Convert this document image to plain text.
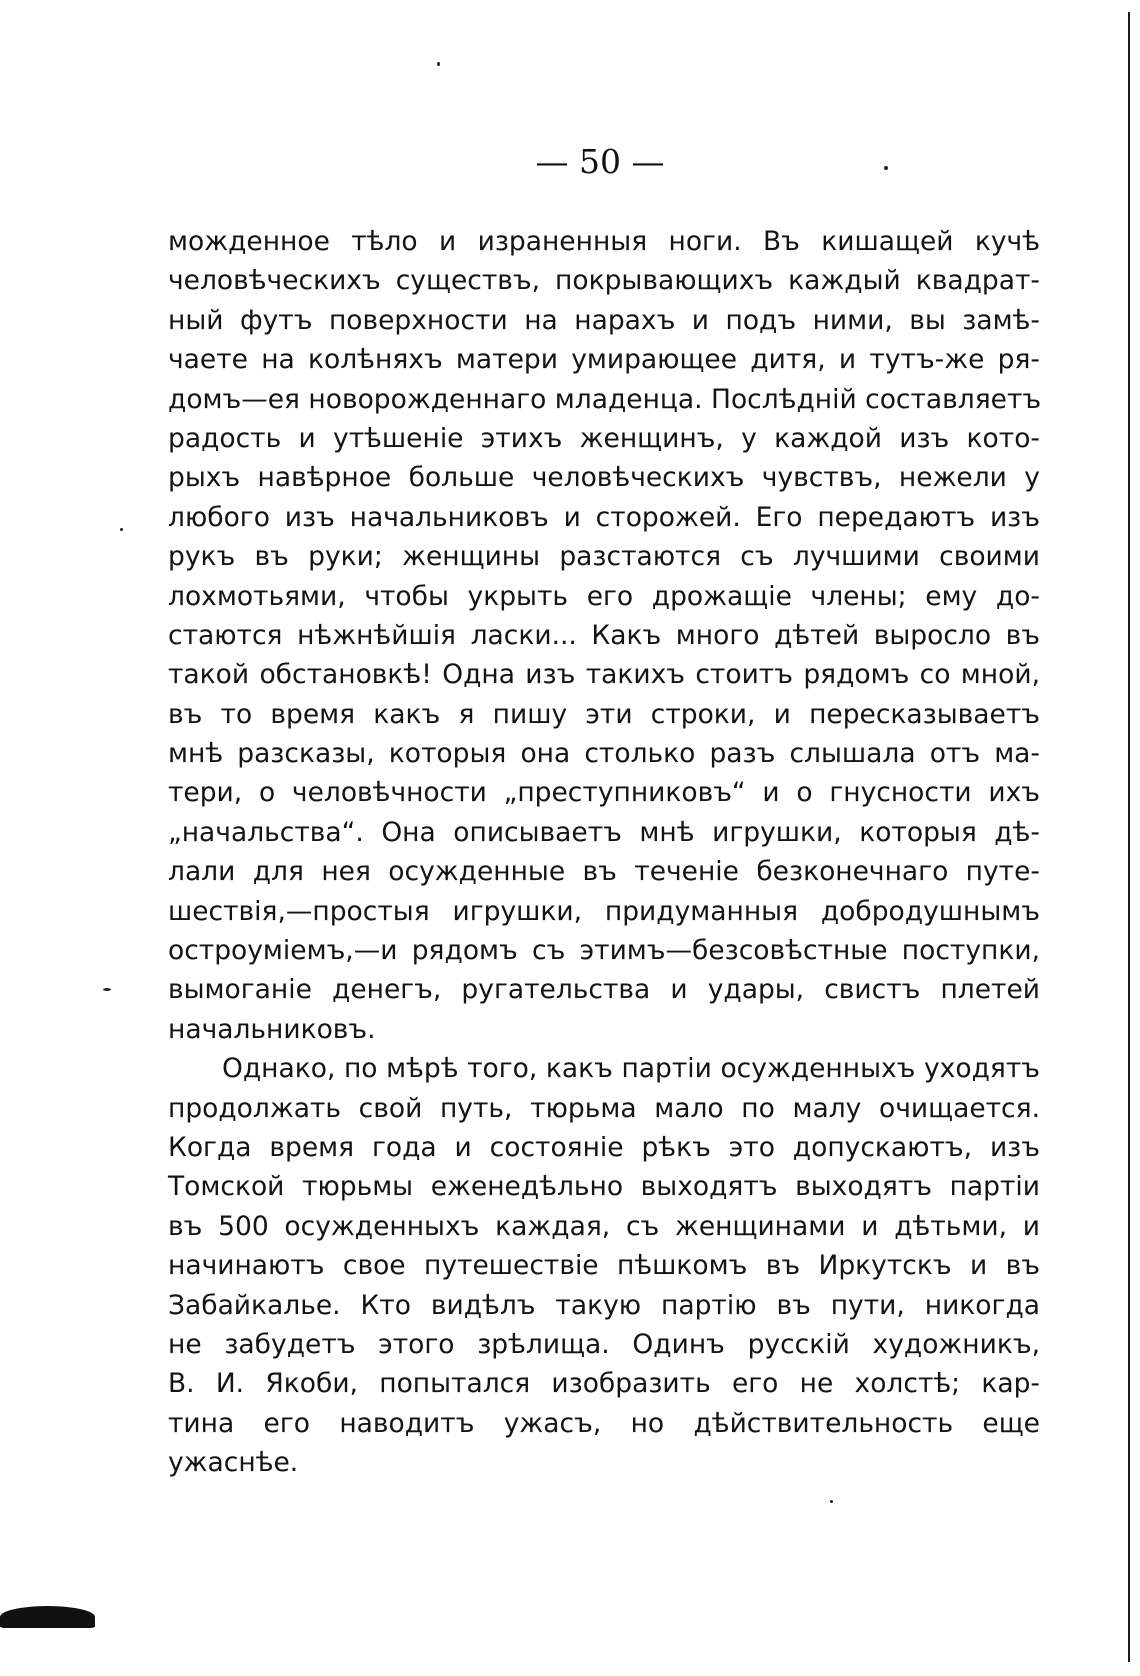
— 50 —
можденное тѣло и израненныя ноги. Въ кишащей кучѣ
человѣческихъ существъ, покрывающихъ каждый квадрат-
ный футъ поверхности на нарахъ и подъ ними, вы замѣ-
чаете на колѣняхъ матери умирающее дитя, и тутъ-же ря-
домъ—ея новорожденнаго младенца. Послѣдній составляетъ
радость и утѣшеніе этихъ женщинъ, у каждой изъ кото-
рыхъ навѣрное больше человѣческихъ чувствъ, нежели у
любого изъ начальниковъ и сторожей. Его передаютъ изъ
рукъ въ руки; женщины разстаются съ лучшими своими
лохмотьями, чтобы укрыть его дрожащіе члены; ему до-
стаются нѣжнѣйшія ласки... Какъ много дѣтей выросло въ
такой обстановкѣ! Одна изъ такихъ стоитъ рядомъ со мной,
въ то время какъ я пишу эти строки, и пересказываетъ
мнѣ разсказы, которыя она столько разъ слышала отъ ма-
тери, о человѣчности „преступниковъ“ и о гнусности ихъ
„начальства“. Она описываетъ мнѣ игрушки, которыя дѣ-
лали для нея осужденные въ теченіе безконечнаго путе-
шествія,—простыя игрушки, придуманныя добродушнымъ
остроуміемъ,—и рядомъ съ этимъ—безсовѣстные поступки,
вымоганіе денегъ, ругательства и удары, свистъ плетей
начальниковъ.
Однако, по мѣрѣ того, какъ партіи осужденныхъ уходятъ
продолжать свой путь, тюрьма мало по малу очищается.
Когда время года и состояніе рѣкъ это допускаютъ, изъ
Томской тюрьмы еженедѣльно выходятъ выходятъ партіи
въ 500 осужденныхъ каждая, съ женщинами и дѣтьми, и
начинаютъ свое путешествіе пѣшкомъ въ Иркутскъ и въ
Забайкалье. Кто видѣлъ такую партію въ пути, никогда
не забудетъ этого зрѣлища. Одинъ русскій художникъ,
В. И. Якоби, попытался изобразить его не холстѣ; кар-
тина его наводитъ ужасъ, но дѣйствительность еще
ужаснѣе.
